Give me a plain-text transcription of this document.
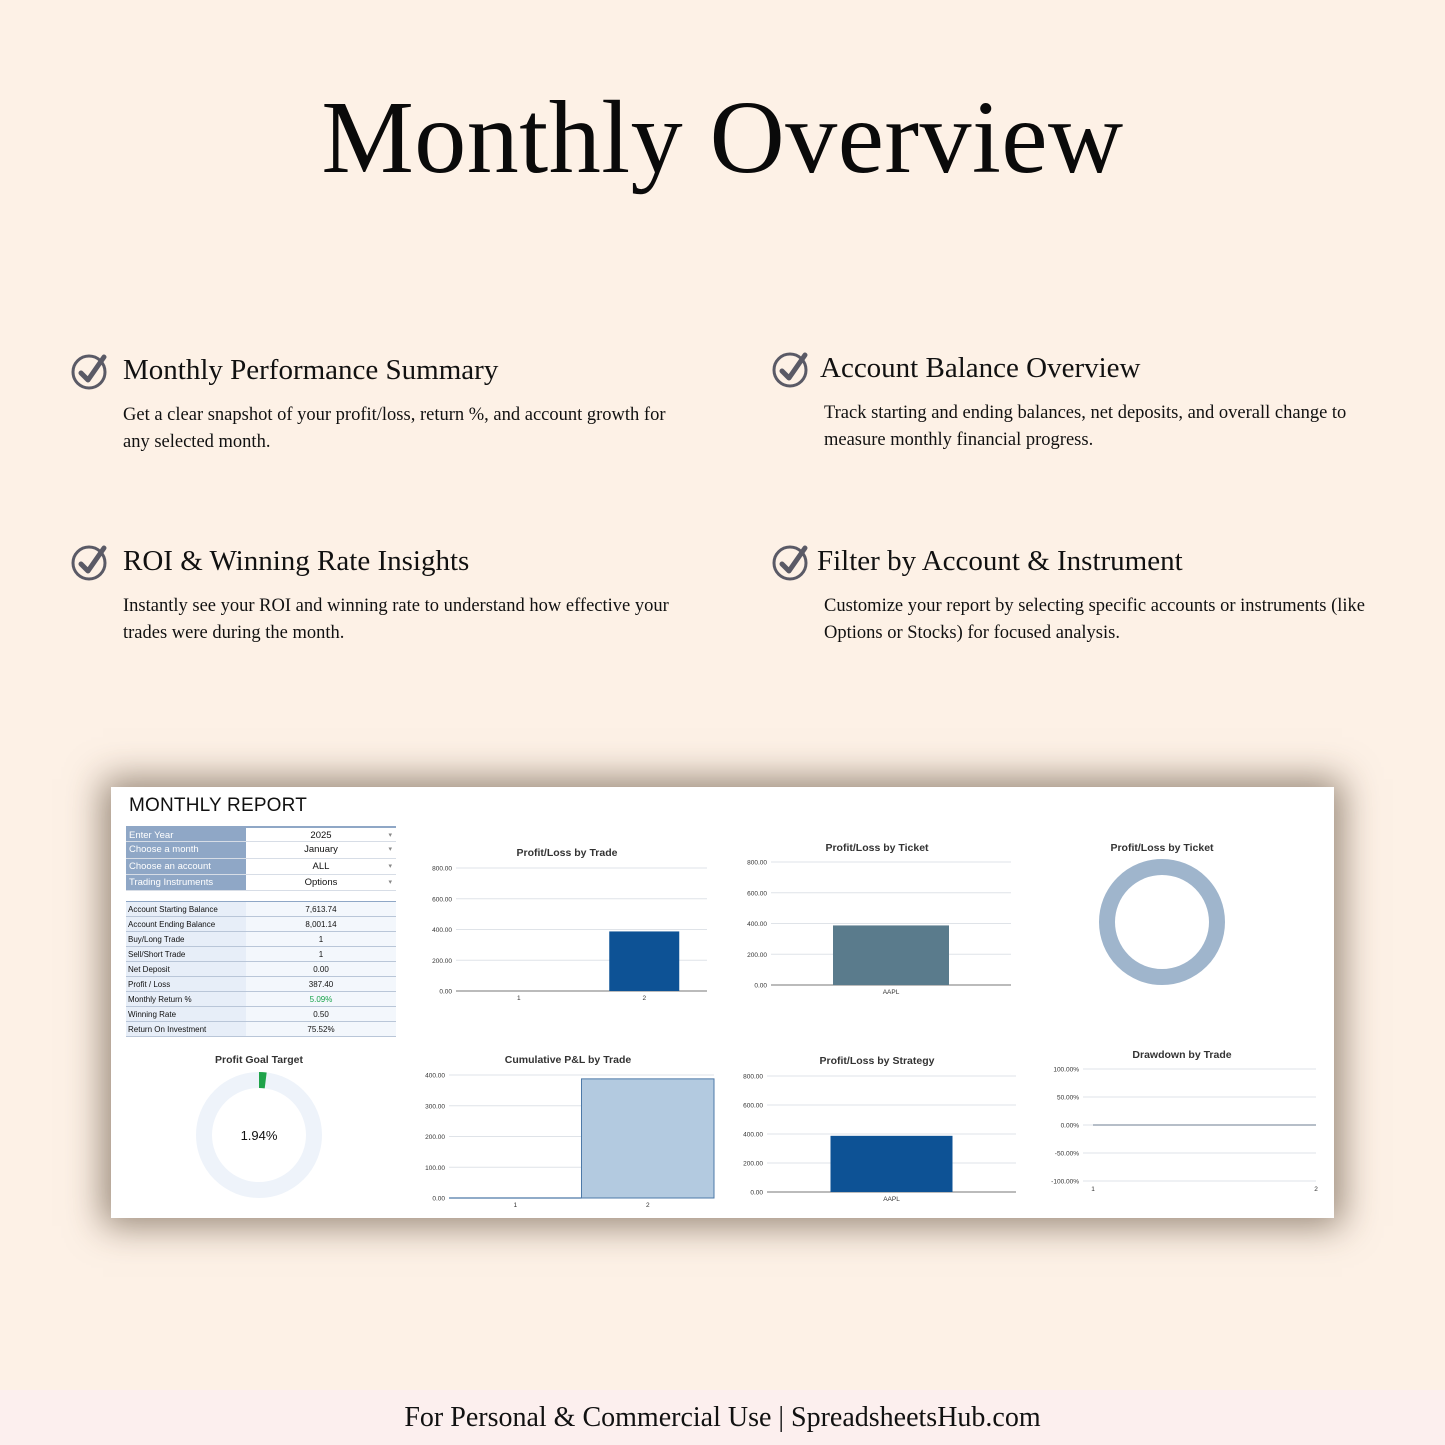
Monthly Overview
Monthly Performance Summary
Get a clear snapshot of your profit/loss, return %, and account growth for any selected month.
Account Balance Overview
Track starting and ending balances, net deposits, and overall change to measure monthly financial progress.
ROI & Winning Rate Insights
Instantly see your ROI and winning rate to understand how effective your trades were during the month.
Filter by Account & Instrument
Customize your report by selecting specific accounts or instruments (like Options or Stocks) for focused analysis.
MONTHLY REPORT
Enter Year	2025	▾
Choose a month	January	▾
Choose an account	ALL	▾
Trading Instruments	Options	▾
Account Starting Balance	7,613.74
Account Ending Balance	8,001.14
Buy/Long Trade	1
Sell/Short Trade	1
Net Deposit	0.00
Profit / Loss	387.40
Monthly Return %	5.09%
Winning Rate	0.50
Return On Investment	75.52%
Profit/Loss by Trade	Profit/Loss by Ticket	Profit/Loss by Ticket
Profit Goal Target	Cumulative P&L by Trade	Profit/Loss by Strategy	Drawdown by Trade
0.00
200.00
400.00
600.00
800.00
1	2
0.00
200.00
400.00
600.00
800.00
AAPL
0.00
100.00
200.00
300.00
400.00
1	2
0.00
200.00
400.00
600.00
800.00
AAPL
-100.00%
-50.00%
0.00%
50.00%
100.00%
1	2
1.94%
For Personal & Commercial Use | SpreadsheetsHub.com
